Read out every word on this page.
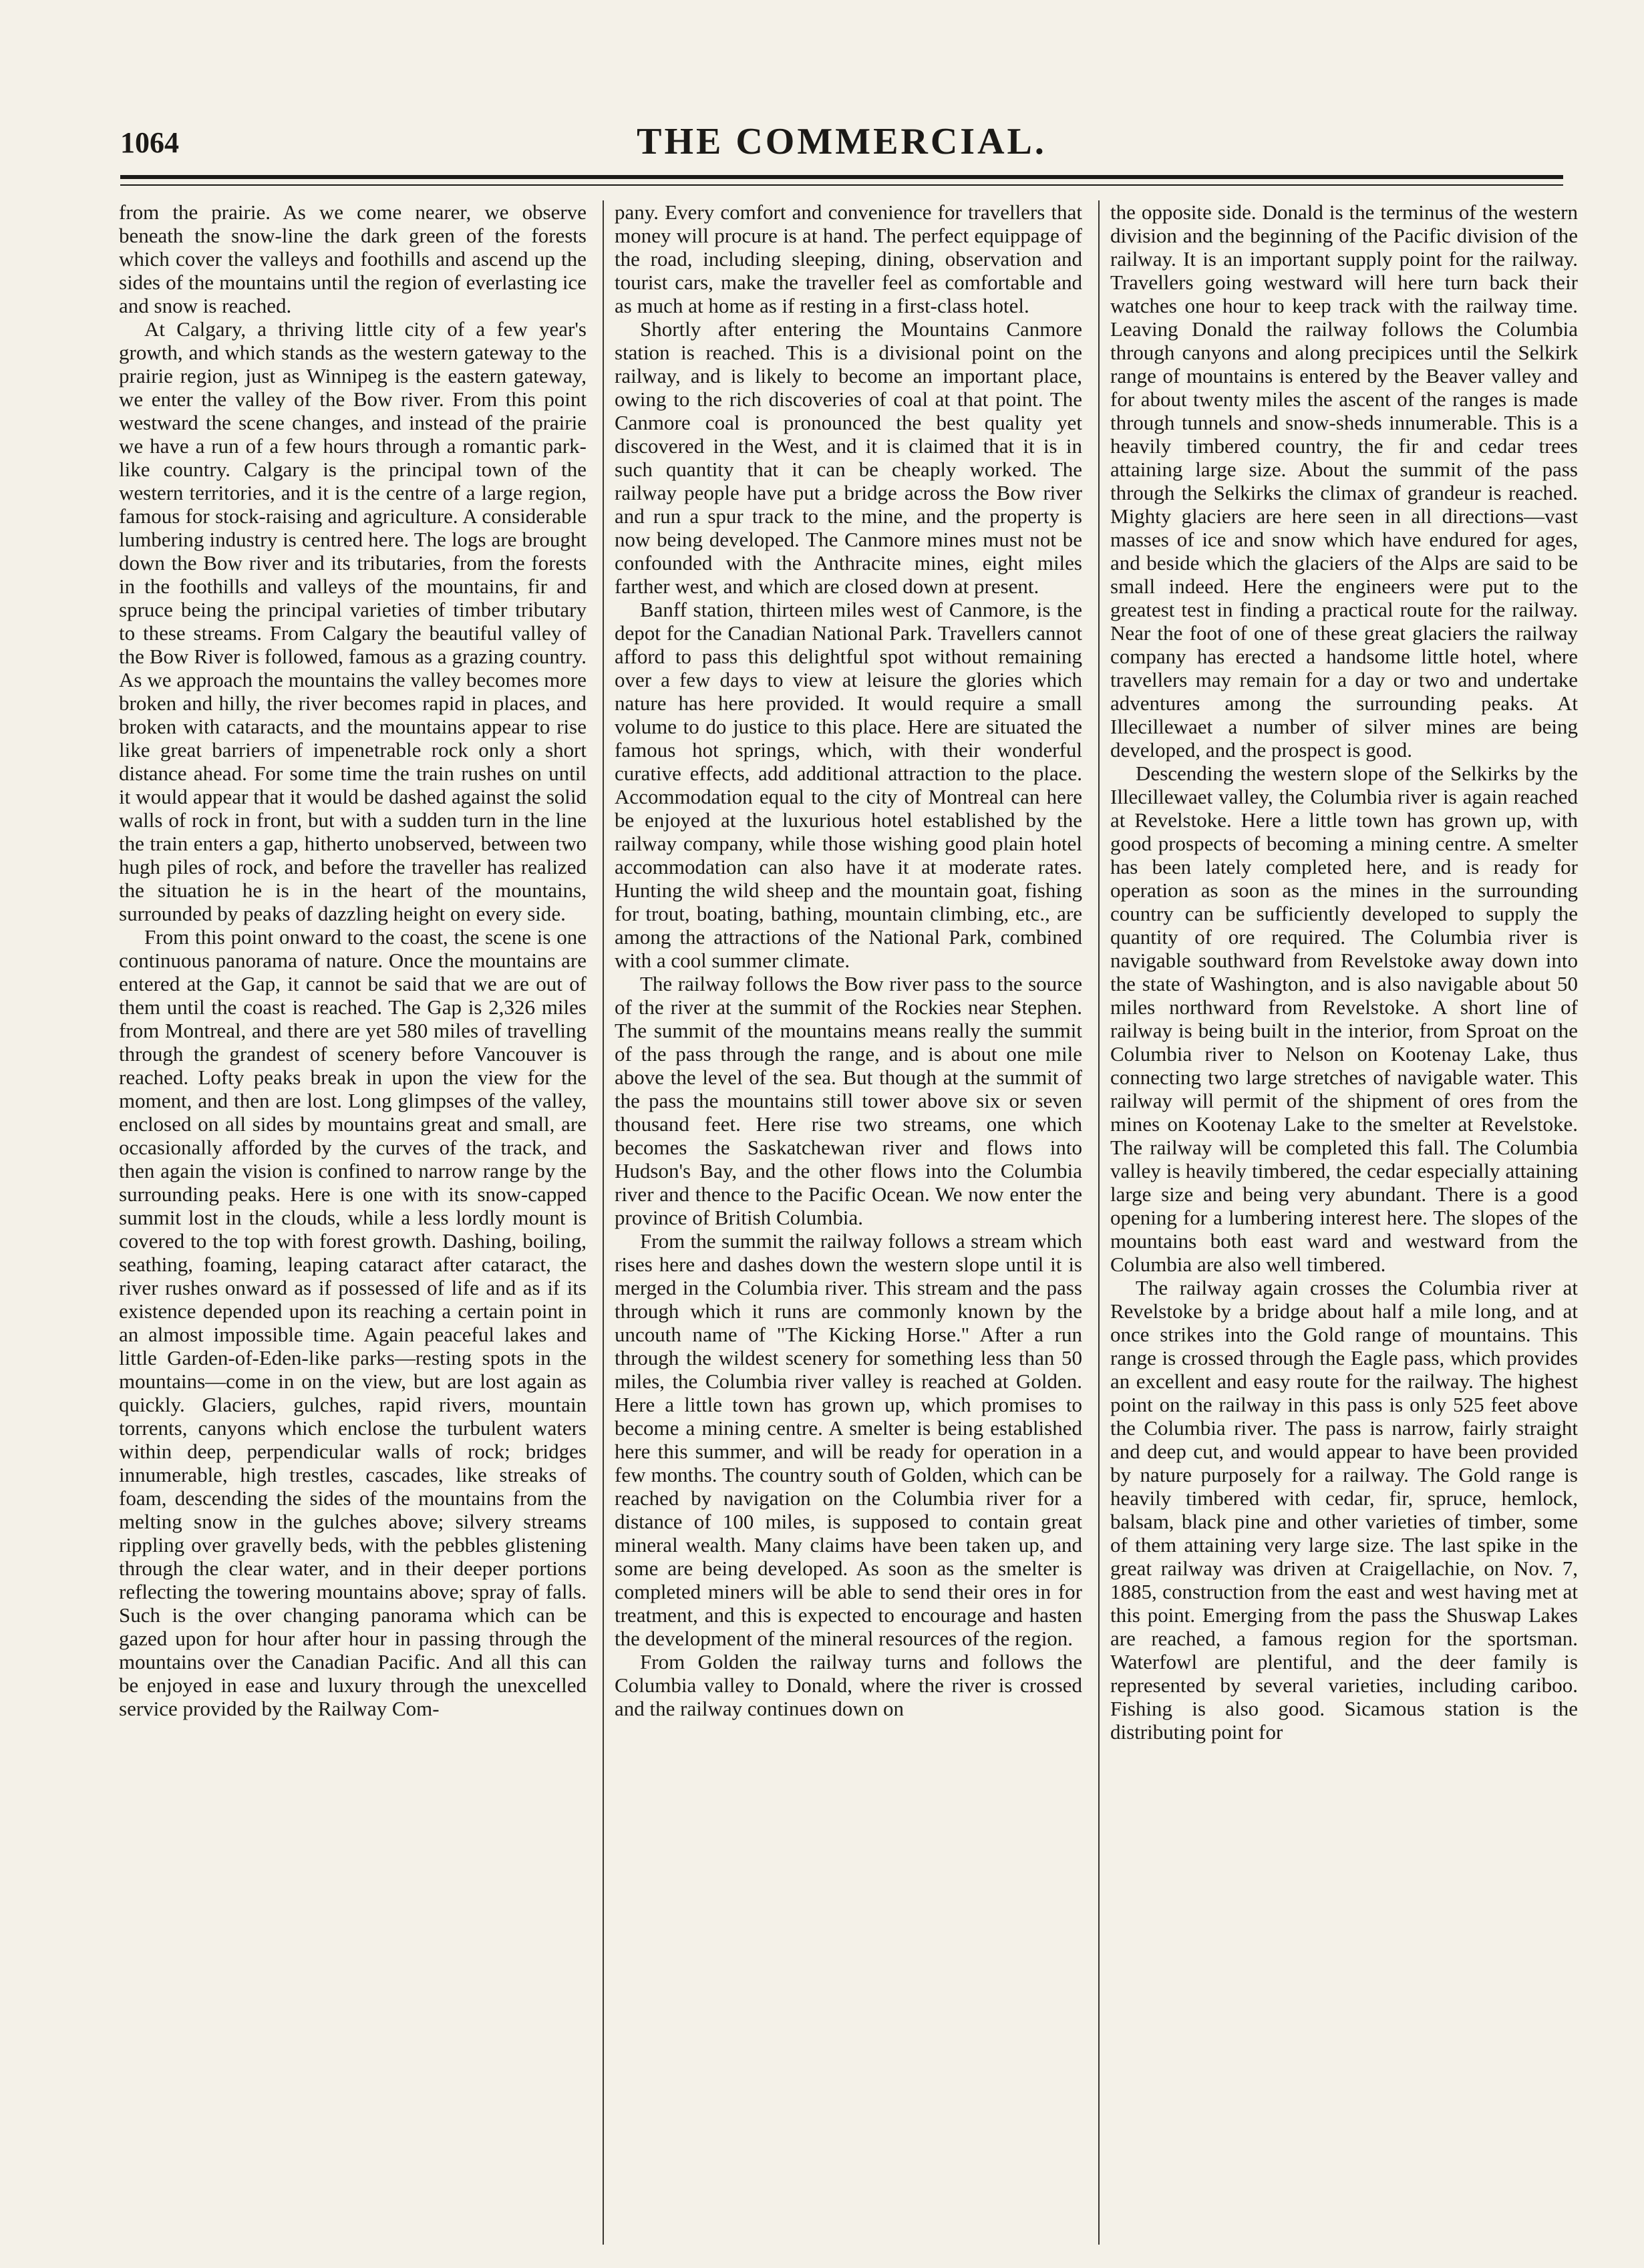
1064	THE COMMERCIAL.

from the prairie. As we come nearer, we observe beneath the snow-line the dark green of the forests which cover the valleys and foothills and ascend up the sides of the mountains until the region of everlasting ice and snow is reached.

At Calgary, a thriving little city of a few year's growth, and which stands as the western gateway to the prairie region, just as Winnipeg is the eastern gateway, we enter the valley of the Bow river. From this point westward the scene changes, and instead of the prairie we have a run of a few hours through a romantic park-like country. Calgary is the principal town of the western territories, and it is the centre of a large region, famous for stock-raising and agriculture. A considerable lumbering industry is centred here. The logs are brought down the Bow river and its tributaries, from the forests in the foothills and valleys of the mountains, fir and spruce being the principal varieties of timber tributary to these streams. From Calgary the beautiful valley of the Bow River is followed, famous as a grazing country. As we approach the mountains the valley becomes more broken and hilly, the river becomes rapid in places, and broken with cataracts, and the mountains appear to rise like great barriers of impenetrable rock only a short distance ahead. For some time the train rushes on until it would appear that it would be dashed against the solid walls of rock in front, but with a sudden turn in the line the train enters a gap, hitherto unobserved, between two hugh piles of rock, and before the traveller has realized the situation he is in the heart of the mountains, surrounded by peaks of dazzling height on every side.

From this point onward to the coast, the scene is one continuous panorama of nature. Once the mountains are entered at the Gap, it cannot be said that we are out of them until the coast is reached. The Gap is 2,326 miles from Montreal, and there are yet 580 miles of travelling through the grandest of scenery before Vancouver is reached. Lofty peaks break in upon the view for the moment, and then are lost. Long glimpses of the valley, enclosed on all sides by mountains great and small, are occasionally afforded by the curves of the track, and then again the vision is confined to narrow range by the surrounding peaks. Here is one with its snow-capped summit lost in the clouds, while a less lordly mount is covered to the top with forest growth. Dashing, boiling, seathing, foaming, leaping cataract after cataract, the river rushes onward as if possessed of life and as if its existence depended upon its reaching a certain point in an almost impossible time. Again peaceful lakes and little Garden-of-Eden-like parks—resting spots in the mountains—come in on the view, but are lost again as quickly. Glaciers, gulches, rapid rivers, mountain torrents, canyons which enclose the turbulent waters within deep, perpendicular walls of rock; bridges innumerable, high trestles, cascades, like streaks of foam, descending the sides of the mountains from the melting snow in the gulches above; silvery streams rippling over gravelly beds, with the pebbles glistening through the clear water, and in their deeper portions reflecting the towering mountains above; spray of falls. Such is the over changing panorama which can be gazed upon for hour after hour in passing through the mountains over the Canadian Pacific. And all this can be enjoyed in ease and luxury through the unexcelled service provided by the Railway Com-

pany. Every comfort and convenience for travellers that money will procure is at hand. The perfect equippage of the road, including sleeping, dining, observation and tourist cars, make the traveller feel as comfortable and as much at home as if resting in a first-class hotel.

Shortly after entering the Mountains Canmore station is reached. This is a divisional point on the railway, and is likely to become an important place, owing to the rich discoveries of coal at that point. The Canmore coal is pronounced the best quality yet discovered in the West, and it is claimed that it is in such quantity that it can be cheaply worked. The railway people have put a bridge across the Bow river and run a spur track to the mine, and the property is now being developed. The Canmore mines must not be confounded with the Anthracite mines, eight miles farther west, and which are closed down at present.

Banff station, thirteen miles west of Canmore, is the depot for the Canadian National Park. Travellers cannot afford to pass this delightful spot without remaining over a few days to view at leisure the glories which nature has here provided. It would require a small volume to do justice to this place. Here are situated the famous hot springs, which, with their wonderful curative effects, add additional attraction to the place. Accommodation equal to the city of Montreal can here be enjoyed at the luxurious hotel established by the railway company, while those wishing good plain hotel accommodation can also have it at moderate rates. Hunting the wild sheep and the mountain goat, fishing for trout, boating, bathing, mountain climbing, etc., are among the attractions of the National Park, combined with a cool summer climate.

The railway follows the Bow river pass to the source of the river at the summit of the Rockies near Stephen. The summit of the mountains means really the summit of the pass through the range, and is about one mile above the level of the sea. But though at the summit of the pass the mountains still tower above six or seven thousand feet. Here rise two streams, one which becomes the Saskatchewan river and flows into Hudson's Bay, and the other flows into the Columbia river and thence to the Pacific Ocean. We now enter the province of British Columbia.

From the summit the railway follows a stream which rises here and dashes down the western slope until it is merged in the Columbia river. This stream and the pass through which it runs are commonly known by the uncouth name of "The Kicking Horse." After a run through the wildest scenery for something less than 50 miles, the Columbia river valley is reached at Golden. Here a little town has grown up, which promises to become a mining centre. A smelter is being established here this summer, and will be ready for operation in a few months. The country south of Golden, which can be reached by navigation on the Columbia river for a distance of 100 miles, is supposed to contain great mineral wealth. Many claims have been taken up, and some are being developed. As soon as the smelter is completed miners will be able to send their ores in for treatment, and this is expected to encourage and hasten the development of the mineral resources of the region.

From Golden the railway turns and follows the Columbia valley to Donald, where the river is crossed and the railway continues down on

the opposite side. Donald is the terminus of the western division and the beginning of the Pacific division of the railway. It is an important supply point for the railway. Travellers going westward will here turn back their watches one hour to keep track with the railway time. Leaving Donald the railway follows the Columbia through canyons and along precipices until the Selkirk range of mountains is entered by the Beaver valley and for about twenty miles the ascent of the ranges is made through tunnels and snow-sheds innumerable. This is a heavily timbered country, the fir and cedar trees attaining large size. About the summit of the pass through the Selkirks the climax of grandeur is reached. Mighty glaciers are here seen in all directions—vast masses of ice and snow which have endured for ages, and beside which the glaciers of the Alps are said to be small indeed. Here the engineers were put to the greatest test in finding a practical route for the railway. Near the foot of one of these great glaciers the railway company has erected a handsome little hotel, where travellers may remain for a day or two and undertake adventures among the surrounding peaks. At Illecillewaet a number of silver mines are being developed, and the prospect is good.

Descending the western slope of the Selkirks by the Illecillewaet valley, the Columbia river is again reached at Revelstoke. Here a little town has grown up, with good prospects of becoming a mining centre. A smelter has been lately completed here, and is ready for operation as soon as the mines in the surrounding country can be sufficiently developed to supply the quantity of ore required. The Columbia river is navigable southward from Revelstoke away down into the state of Washington, and is also navigable about 50 miles northward from Revelstoke. A short line of railway is being built in the interior, from Sproat on the Columbia river to Nelson on Kootenay Lake, thus connecting two large stretches of navigable water. This railway will permit of the shipment of ores from the mines on Kootenay Lake to the smelter at Revelstoke. The railway will be completed this fall. The Columbia valley is heavily timbered, the cedar especially attaining large size and being very abundant. There is a good opening for a lumbering interest here. The slopes of the mountains both east ward and westward from the Columbia are also well timbered.

The railway again crosses the Columbia river at Revelstoke by a bridge about half a mile long, and at once strikes into the Gold range of mountains. This range is crossed through the Eagle pass, which provides an excellent and easy route for the railway. The highest point on the railway in this pass is only 525 feet above the Columbia river. The pass is narrow, fairly straight and deep cut, and would appear to have been provided by nature purposely for a railway. The Gold range is heavily timbered with cedar, fir, spruce, hemlock, balsam, black pine and other varieties of timber, some of them attaining very large size. The last spike in the great railway was driven at Craigellachie, on Nov. 7, 1885, construction from the east and west having met at this point. Emerging from the pass the Shuswap Lakes are reached, a famous region for the sportsman. Waterfowl are plentiful, and the deer family is represented by several varieties, including cariboo. Fishing is also good. Sicamous station is the distributing point for
